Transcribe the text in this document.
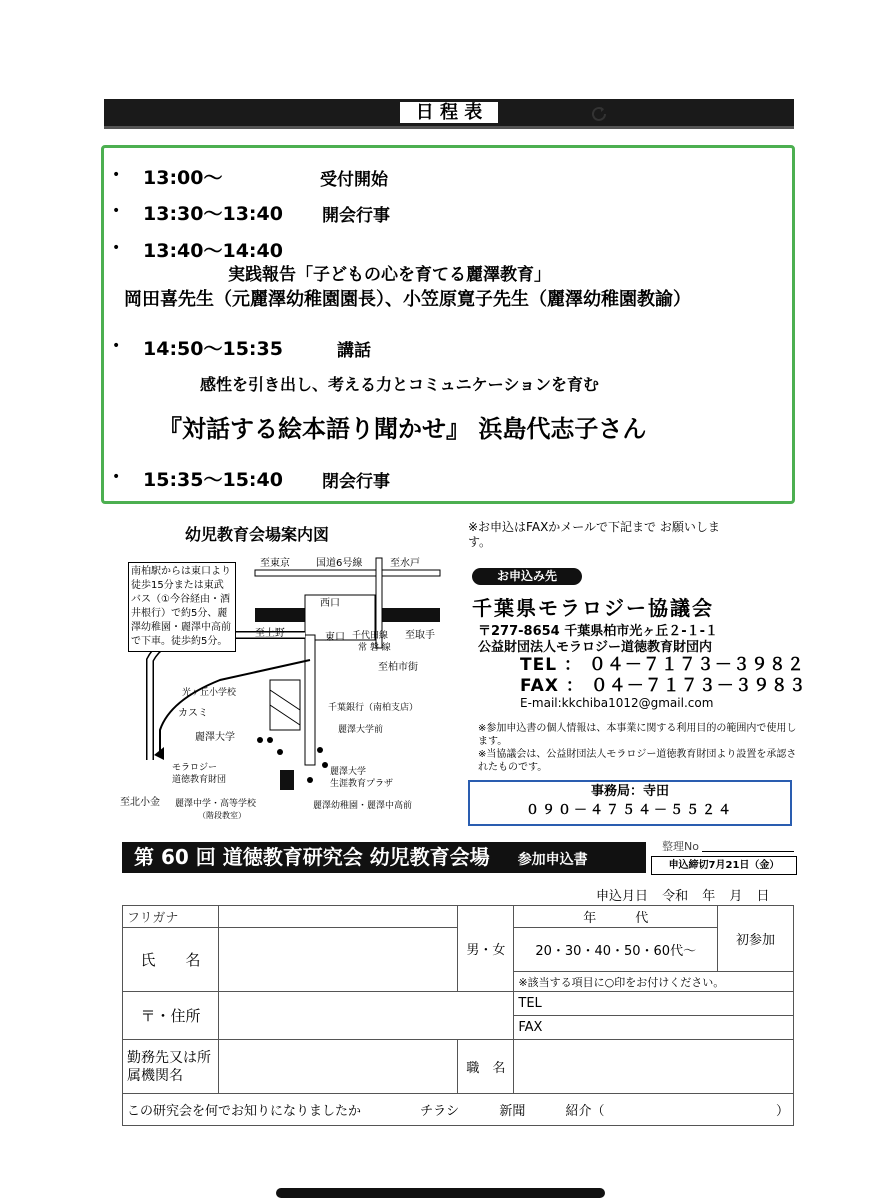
日 程 表
• 13:00～	受付開始
• 13:30～13:40 開会行事
• 13:40～14:40
実践報告「子どもの心を育てる麗澤教育」
岡田喜先生（元麗澤幼稚園園長）、小笠原寛子先生（麗澤幼稚園教諭）
• 14:50～15:35	講話
感性を引き出し、考える力とコミュニケーションを育む
『対話する絵本語り聞かせ』 浜島代志子さん
• 15:35～15:40 閉会行事
幼児教育会場案内図
至東京	国道6号線	至水戸
西口
南 柏
東口
至上野	千代田線
常 磐 線
至取手
至柏市街
千葉銀行（南柏支店）
光ヶ丘小学校
カスミ
麗澤大学
麗澤大学前
モラロジー
道徳教育財団
麗澤大学
生涯教育プラザ
至北小金 麗澤中学・高等学校
（階段教室）
麗澤幼稚園・麗澤中高前
南柏駅からは東口より徒歩15分または東武バス（①今谷経由・酒井根行）で約5分、麗澤幼稚園・麗澤中高前で下車。徒歩約5分。
※お申込はFAXかメールで下記まで お願いします。
お申込み先
千葉県モラロジー協議会
〒277-8654 千葉県柏市光ヶ丘２-１-１
公益財団法人モラロジー道徳教育財団内
TEL ： ０４－７１７３－３９８２
FAX ： ０４－７１７３－３９８３
E-mail:kkchiba1012@gmail.com
※参加申込書の個人情報は、本事業に関する利用目的の範囲内で使用します。
※当協議会は、公益財団法人モラロジー道徳教育財団より設置を承認されたものです。
事務局：寺田
０９０－４７５４－５５２４
第 60 回 道徳教育研究会 幼児教育会場 参加申込書
整理No
申込締切7月21日（金）
申込月日 令和 年 月 日
フリガナ		男・女	年　　　代	初参加
氏　　名			20・30・40・50・60代～	
			※該当する項目に○印をお付けください。	
〒・住所			TEL	
			FAX	
勤務先又は所属機関名		職　名		
この研究会を何でお知りになりましたか チラシ 新聞 紹介（ ）				
